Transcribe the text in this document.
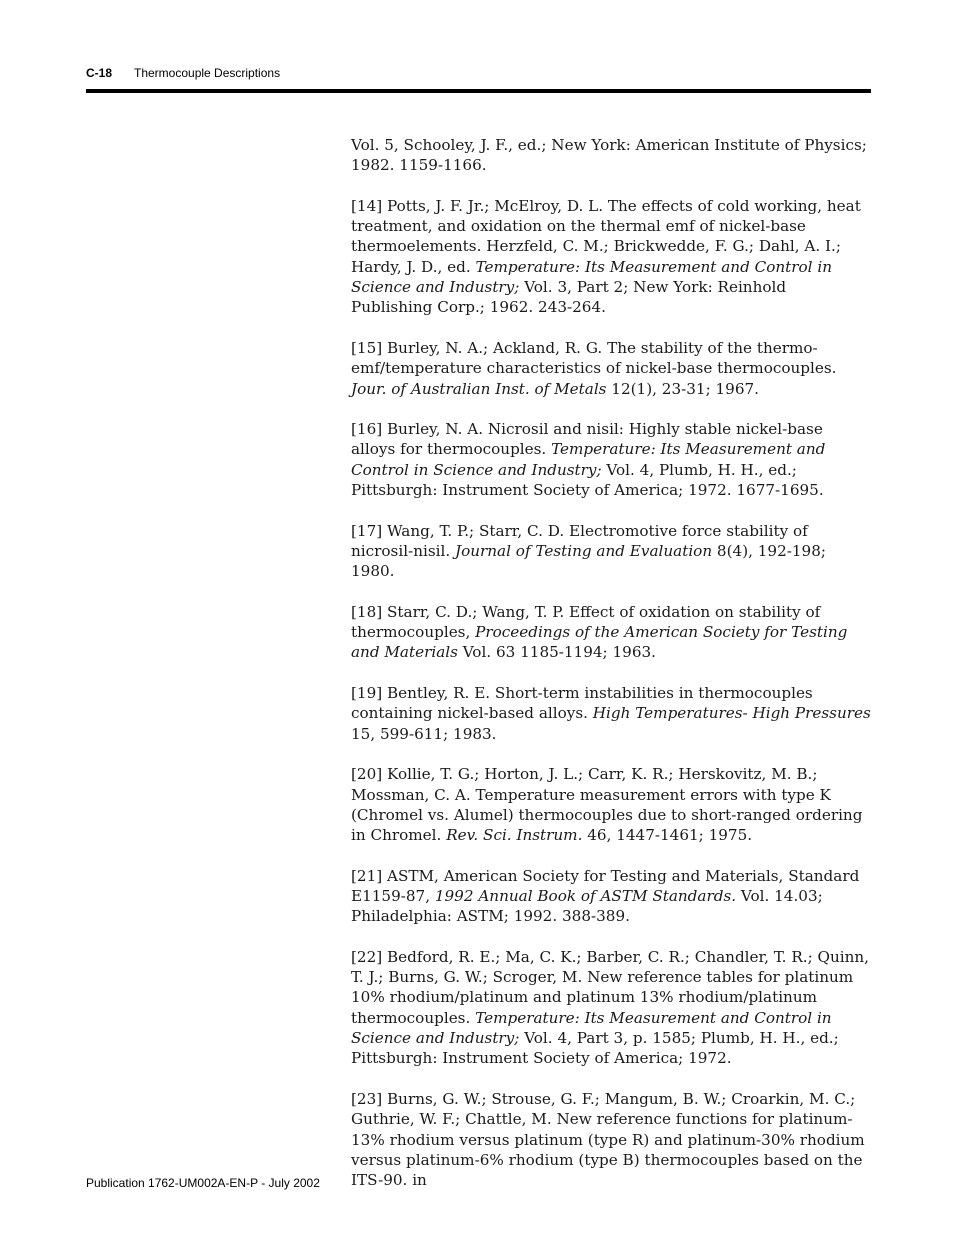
C-18 Thermocouple Descriptions

Vol. 5, Schooley, J. F., ed.; New York: American Institute of Physics; 1982. 1159-1166.

[14] Potts, J. F. Jr.; McElroy, D. L. The effects of cold working, heat treatment, and oxidation on the thermal emf of nickel-base thermoelements. Herzfeld, C. M.; Brickwedde, F. G.; Dahl, A. I.; Hardy, J. D., ed. Temperature: Its Measurement and Control in Science and Industry; Vol. 3, Part 2; New York: Reinhold Publishing Corp.; 1962. 243-264.

[15] Burley, N. A.; Ackland, R. G. The stability of the thermo-emf/temperature characteristics of nickel-base thermocouples. Jour. of Australian Inst. of Metals 12(1), 23-31; 1967.

[16] Burley, N. A. Nicrosil and nisil: Highly stable nickel-base alloys for thermocouples. Temperature: Its Measurement and Control in Science and Industry; Vol. 4, Plumb, H. H., ed.; Pittsburgh: Instrument Society of America; 1972. 1677-1695.

[17] Wang, T. P.; Starr, C. D. Electromotive force stability of nicrosil-nisil. Journal of Testing and Evaluation 8(4), 192-198; 1980.

[18] Starr, C. D.; Wang, T. P. Effect of oxidation on stability of thermocouples, Proceedings of the American Society for Testing and Materials Vol. 63 1185-1194; 1963.

[19] Bentley, R. E. Short-term instabilities in thermocouples containing nickel-based alloys. High Temperatures- High Pressures 15, 599-611; 1983.

[20] Kollie, T. G.; Horton, J. L.; Carr, K. R.; Herskovitz, M. B.; Mossman, C. A. Temperature measurement errors with type K (Chromel vs. Alumel) thermocouples due to short-ranged ordering in Chromel. Rev. Sci. Instrum. 46, 1447-1461; 1975.

[21] ASTM, American Society for Testing and Materials, Standard E1159-87, 1992 Annual Book of ASTM Standards. Vol. 14.03; Philadelphia: ASTM; 1992. 388-389.

[22] Bedford, R. E.; Ma, C. K.; Barber, C. R.; Chandler, T. R.; Quinn, T. J.; Burns, G. W.; Scroger, M. New reference tables for platinum 10% rhodium/platinum and platinum 13% rhodium/platinum thermocouples. Temperature: Its Measurement and Control in Science and Industry; Vol. 4, Part 3, p. 1585; Plumb, H. H., ed.; Pittsburgh: Instrument Society of America; 1972.

[23] Burns, G. W.; Strouse, G. F.; Mangum, B. W.; Croarkin, M. C.; Guthrie, W. F.; Chattle, M. New reference functions for platinum-13% rhodium versus platinum (type R) and platinum-30% rhodium versus platinum-6% rhodium (type B) thermocouples based on the ITS-90. in

Publication 1762-UM002A-EN-P - July 2002
